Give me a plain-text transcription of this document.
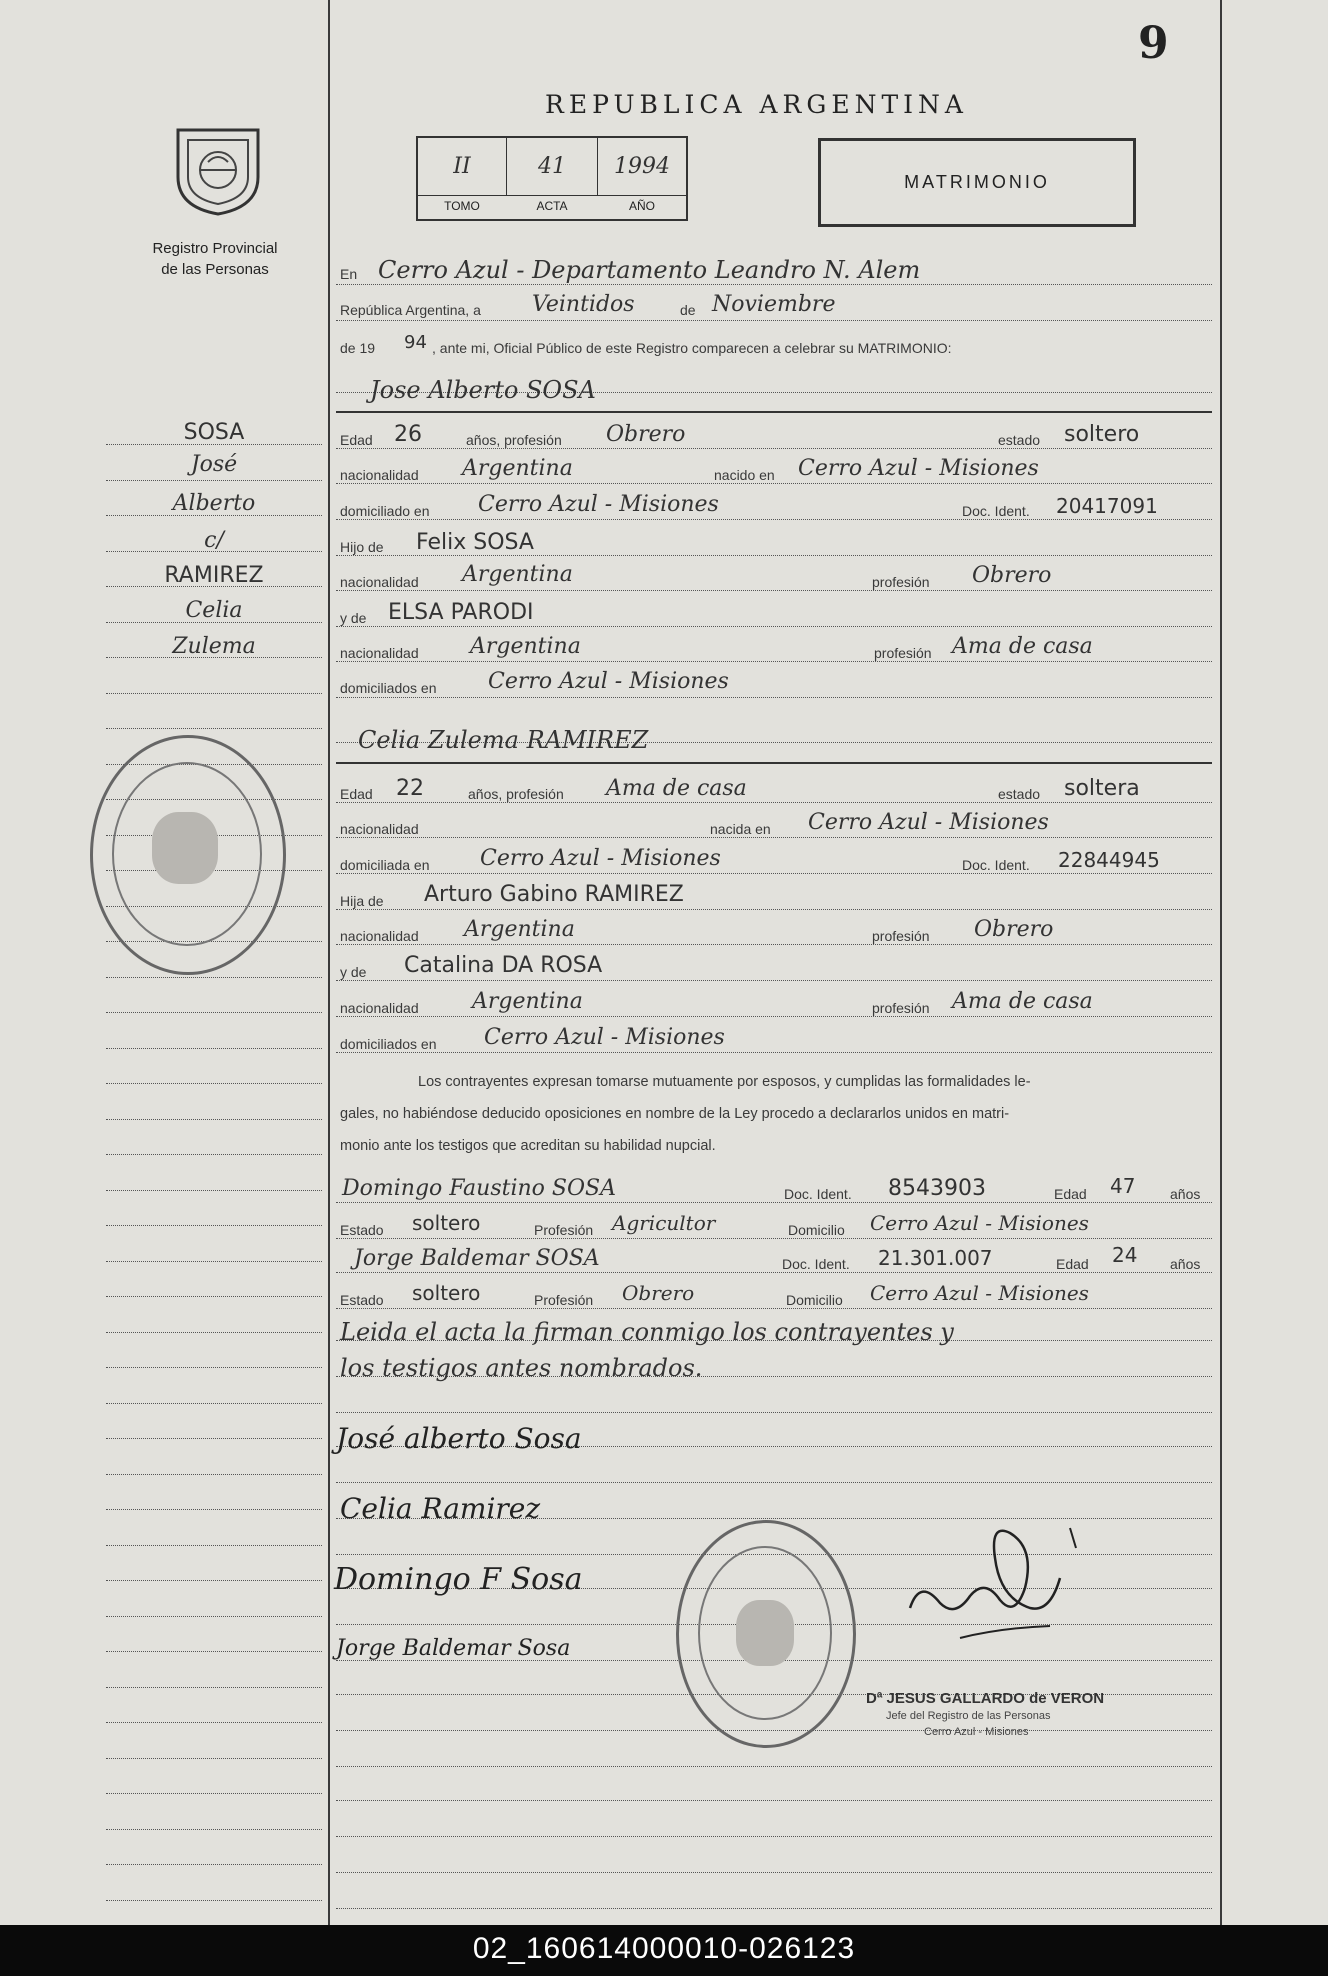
9
REPUBLICA ARGENTINA
II	41	1994
TOMO	ACTA	AÑO
MATRIMONIO
Registro Provincial
de las Personas
SOSA
José
Alberto
c/
RAMIREZ
Celia
Zulema
En Cerro Azul - Departamento Leandro N. Alem
República Argentina, a Veintidos	de Noviembre
de 19 94 , ante mi, Oficial Público de este Registro comparecen a celebrar su MATRIMONIO:
Jose Alberto SOSA
Edad 26	años, profesión Obrero	estado soltero
nacionalidad Argentina	nacido en Cerro Azul - Misiones
domiciliado en Cerro Azul - Misiones	Doc. Ident. 20417091
Hijo de Felix SOSA
nacionalidad Argentina	profesión Obrero
y de ELSA PARODI
nacionalidad Argentina	profesión Ama de casa
domiciliados en Cerro Azul - Misiones
Celia Zulema RAMIREZ
Edad 22	años, profesión Ama de casa	estado soltera
nacionalidad	nacida en Cerro Azul - Misiones
domiciliada en Cerro Azul - Misiones	Doc. Ident. 22844945
Hija de Arturo Gabino RAMIREZ
nacionalidad Argentina	profesión Obrero
y de Catalina DA ROSA
nacionalidad Argentina	profesión Ama de casa
domiciliados en Cerro Azul - Misiones
Los contrayentes expresan tomarse mutuamente por esposos, y cumplidas las formalidades le-
gales, no habiéndose deducido oposiciones en nombre de la Ley procedo a declararlos unidos en matri-
monio ante los testigos que acreditan su habilidad nupcial.
Domingo Faustino SOSA	Doc. Ident. 8543903	Edad 47 años
Estado soltero	Profesión Agricultor	Domicilio Cerro Azul - Misiones
Jorge Baldemar SOSA	Doc. Ident. 21.301.007	Edad 24 años
Estado soltero	Profesión Obrero	Domicilio Cerro Azul - Misiones
Leida el acta la firman conmigo los contrayentes y
los testigos antes nombrados.
José alberto Sosa
Celia Ramirez
Domingo F Sosa
Jorge Baldemar Sosa
Dª JESUS GALLARDO de VERON
Jefe del Registro de las Personas
Cerro Azul - Misiones
02_160614000010-026123
